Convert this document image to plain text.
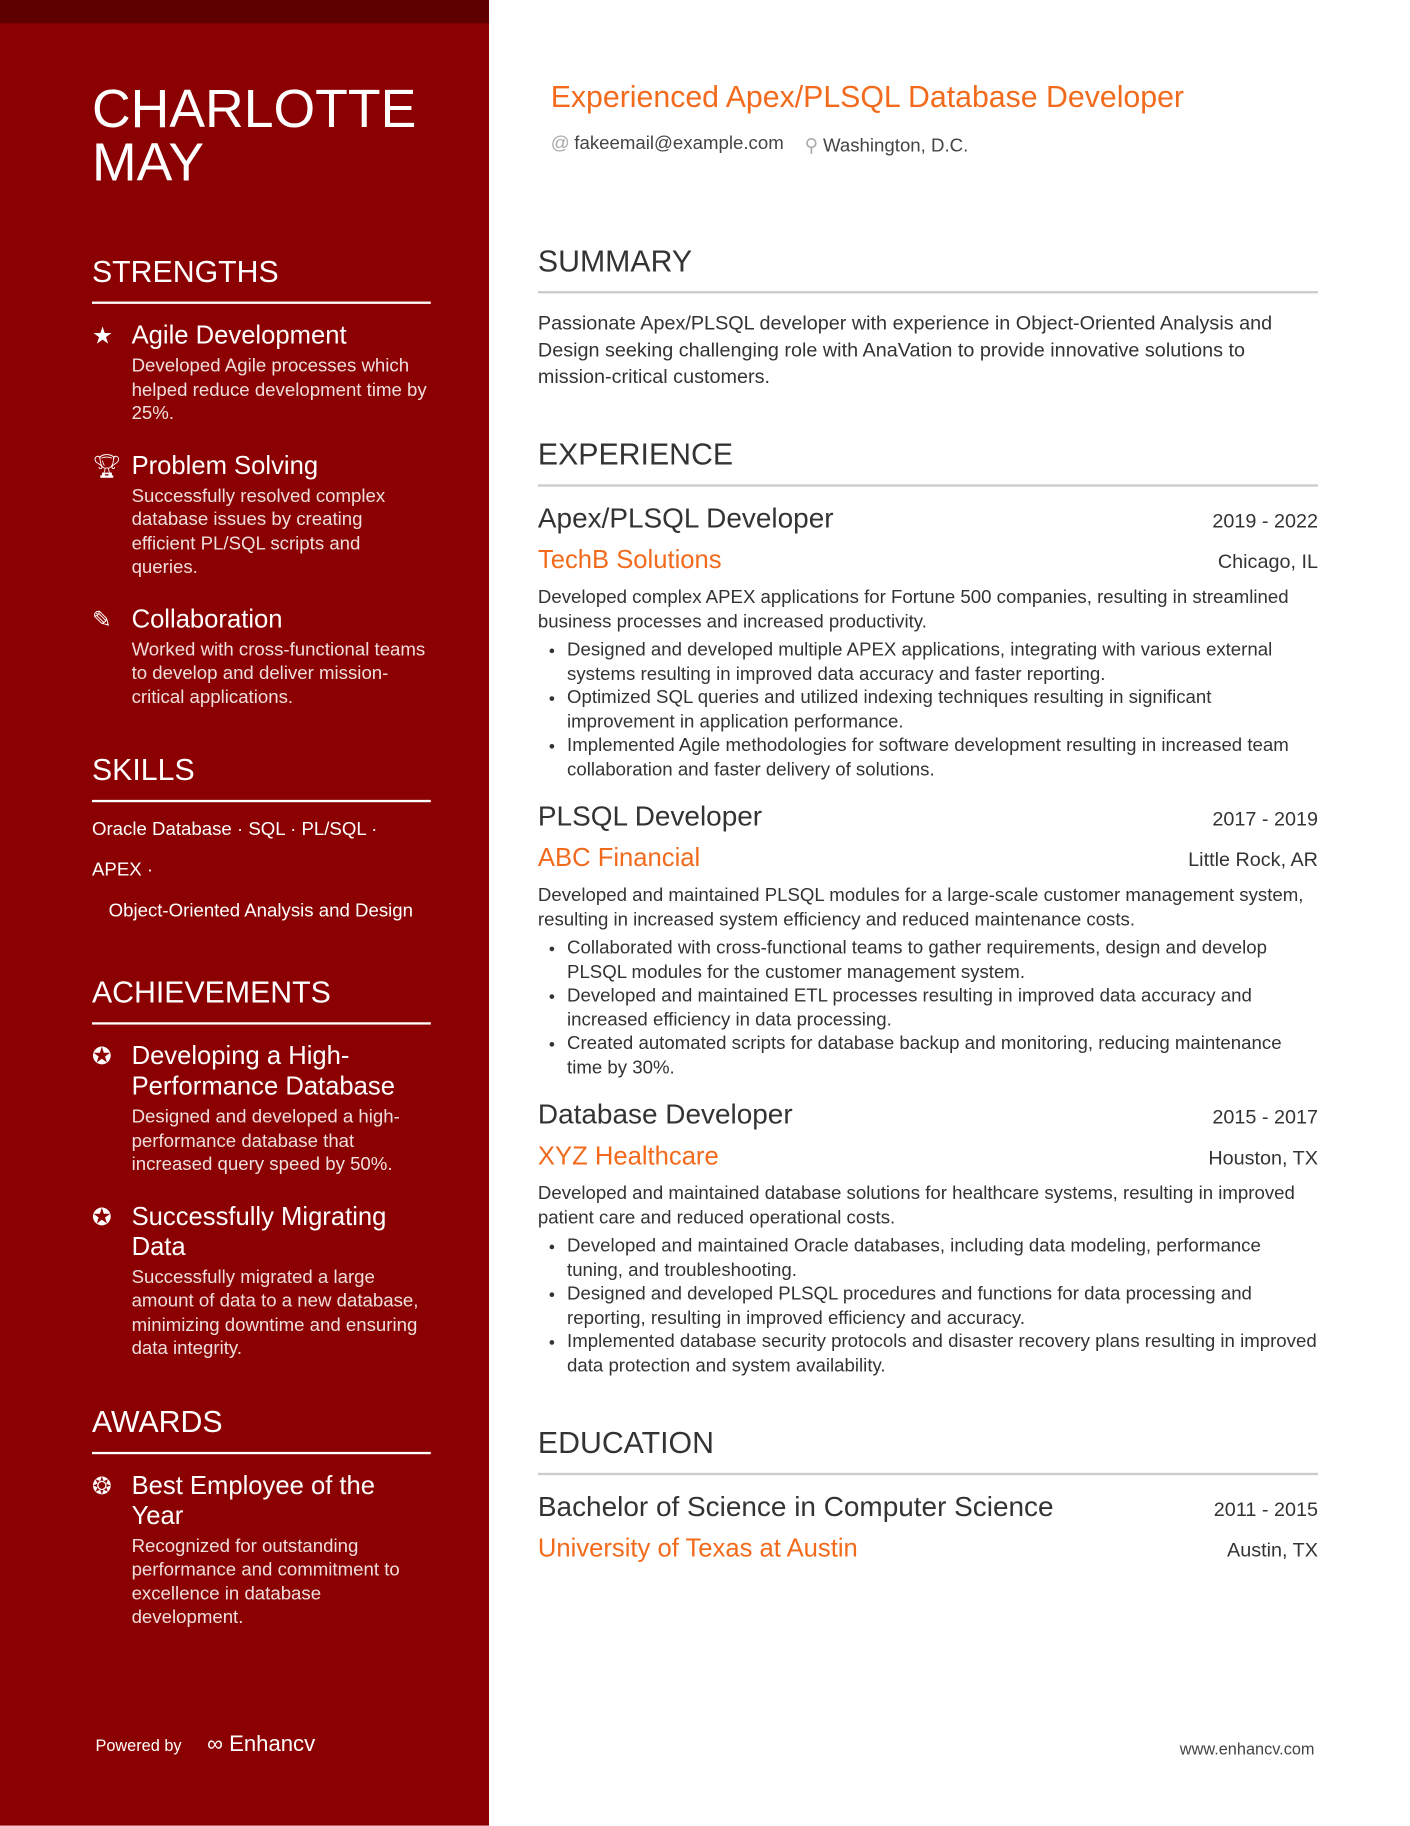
CHARLOTTE
MAY
STRENGTHS
★ Agile Development
Developed Agile processes which helped reduce development time by 25%.
🏆︎ Problem Solving
Successfully resolved complex database issues by creating efficient PL/SQL scripts and queries.
✎ Collaboration
Worked with cross-functional teams to develop and deliver mission-critical applications.
SKILLS
Oracle Database · SQL · PL/SQL ·
APEX ·
Object-Oriented Analysis and Design
ACHIEVEMENTS
✪ Developing a High-Performance Database
Designed and developed a high-performance database that increased query speed by 50%.
✪ Successfully Migrating Data
Successfully migrated a large amount of data to a new database, minimizing downtime and ensuring data integrity.
AWARDS
❂ Best Employee of the Year
Recognized for outstanding performance and commitment to excellence in database development.
Powered by ∞ Enhancv
Experienced Apex/PLSQL Database Developer
@ fakeemail@example.com ⚲ Washington, D.C.
SUMMARY
Passionate Apex/PLSQL developer with experience in Object-Oriented Analysis and Design seeking challenging role with AnaVation to provide innovative solutions to mission-critical customers.
EXPERIENCE
Apex/PLSQL Developer	2019 - 2022
TechB Solutions	Chicago, IL
Developed complex APEX applications for Fortune 500 companies, resulting in streamlined business processes and increased productivity.
• Designed and developed multiple APEX applications, integrating with various external systems resulting in improved data accuracy and faster reporting.
• Optimized SQL queries and utilized indexing techniques resulting in significant improvement in application performance.
• Implemented Agile methodologies for software development resulting in increased team collaboration and faster delivery of solutions.
PLSQL Developer	2017 - 2019
ABC Financial	Little Rock, AR
Developed and maintained PLSQL modules for a large-scale customer management system, resulting in increased system efficiency and reduced maintenance costs.
• Collaborated with cross-functional teams to gather requirements, design and develop PLSQL modules for the customer management system.
• Developed and maintained ETL processes resulting in improved data accuracy and increased efficiency in data processing.
• Created automated scripts for database backup and monitoring, reducing maintenance time by 30%.
Database Developer	2015 - 2017
XYZ Healthcare	Houston, TX
Developed and maintained database solutions for healthcare systems, resulting in improved patient care and reduced operational costs.
• Developed and maintained Oracle databases, including data modeling, performance tuning, and troubleshooting.
• Designed and developed PLSQL procedures and functions for data processing and reporting, resulting in improved efficiency and accuracy.
• Implemented database security protocols and disaster recovery plans resulting in improved data protection and system availability.
EDUCATION
Bachelor of Science in Computer Science	2011 - 2015
University of Texas at Austin	Austin, TX
www.enhancv.com
